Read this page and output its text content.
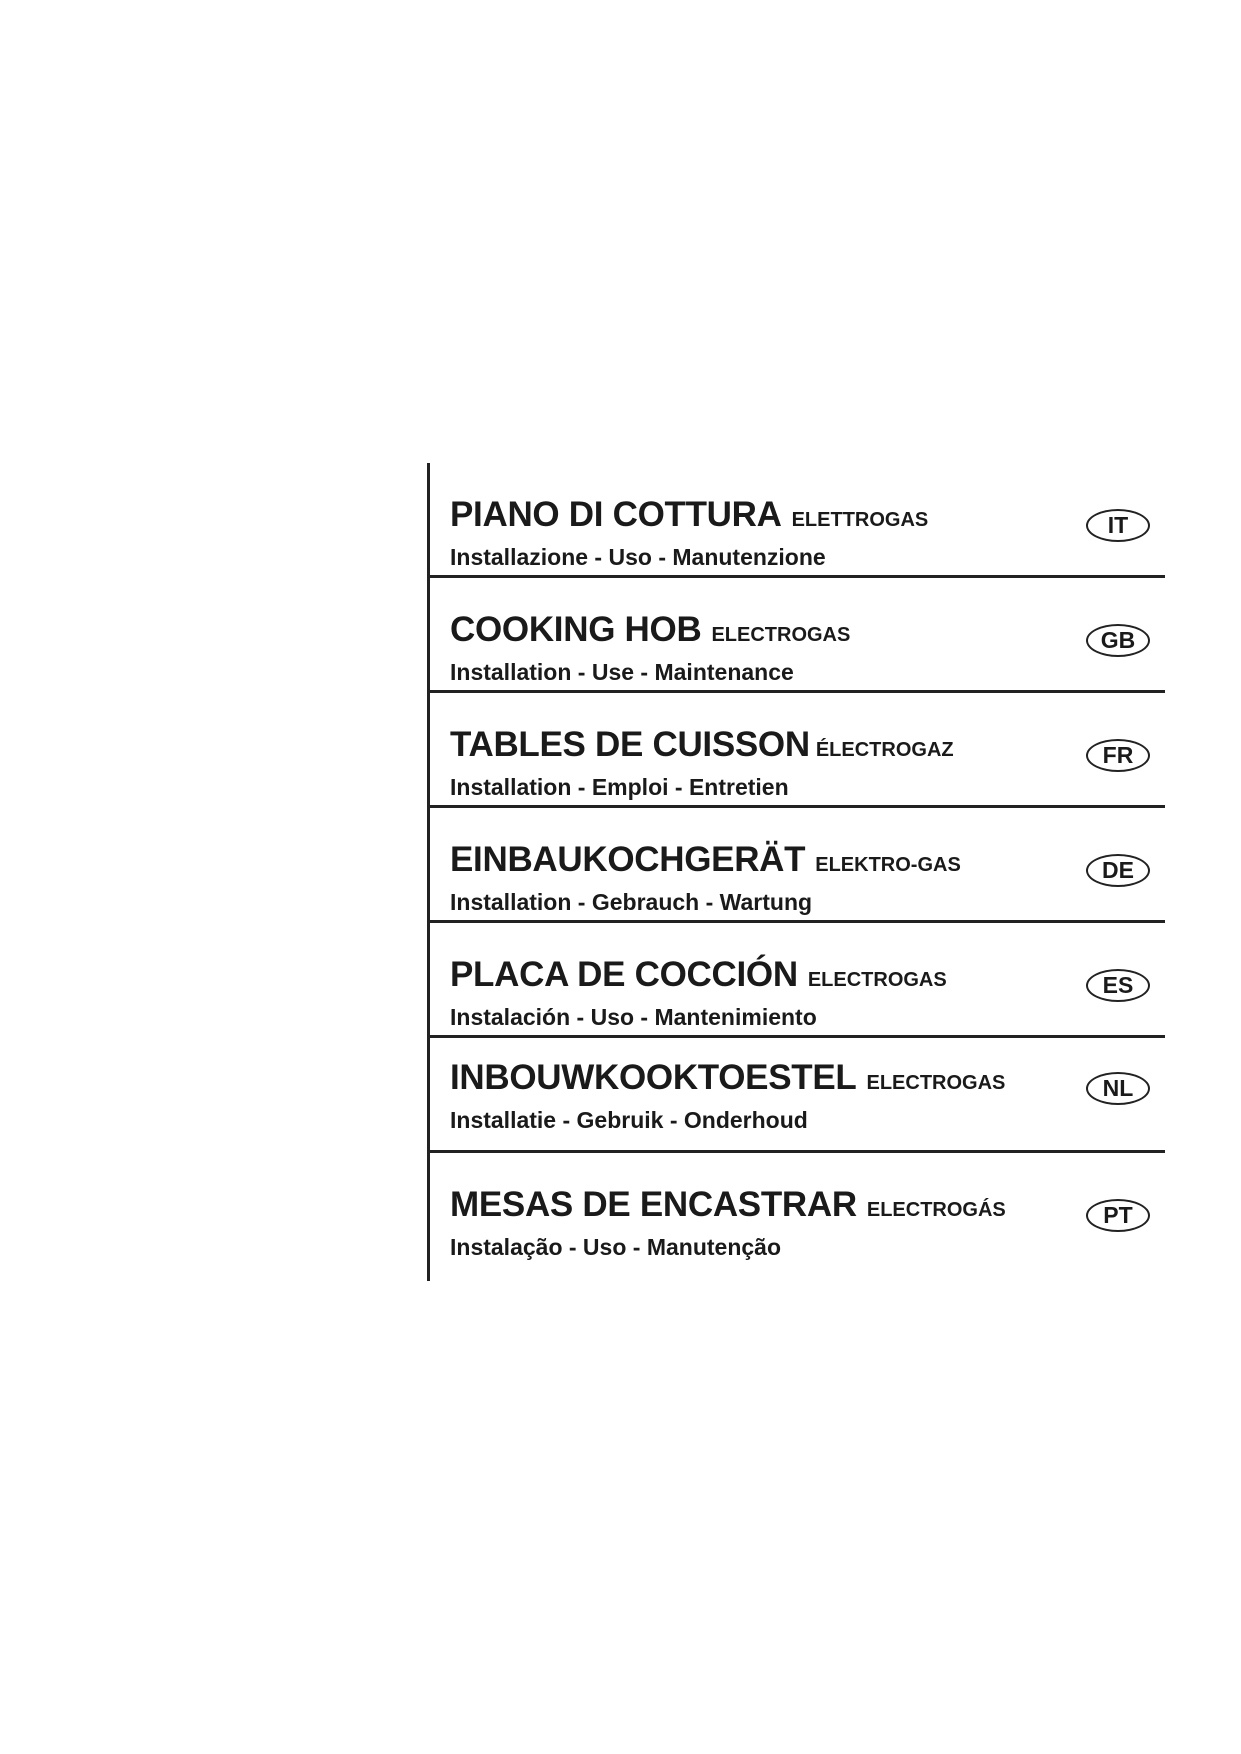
PIANO DI COTTURA ELETTROGAS
Installazione - Uso - Manutenzione
IT
COOKING HOB ELECTROGAS
Installation - Use - Maintenance
GB
TABLES DE CUISSON ÉLECTROGAZ
Installation - Emploi - Entretien
FR
EINBAUKOCHGERÄT ELEKTRO-GAS
Installation - Gebrauch - Wartung
DE
PLACA DE COCCIÓN ELECTROGAS
Instalación - Uso - Mantenimiento
ES
INBOUWKOOKTOESTEL ELECTROGAS
Installatie - Gebruik - Onderhoud
NL
MESAS DE ENCASTRAR ELECTROGÁS
Instalação - Uso - Manutenção
PT
